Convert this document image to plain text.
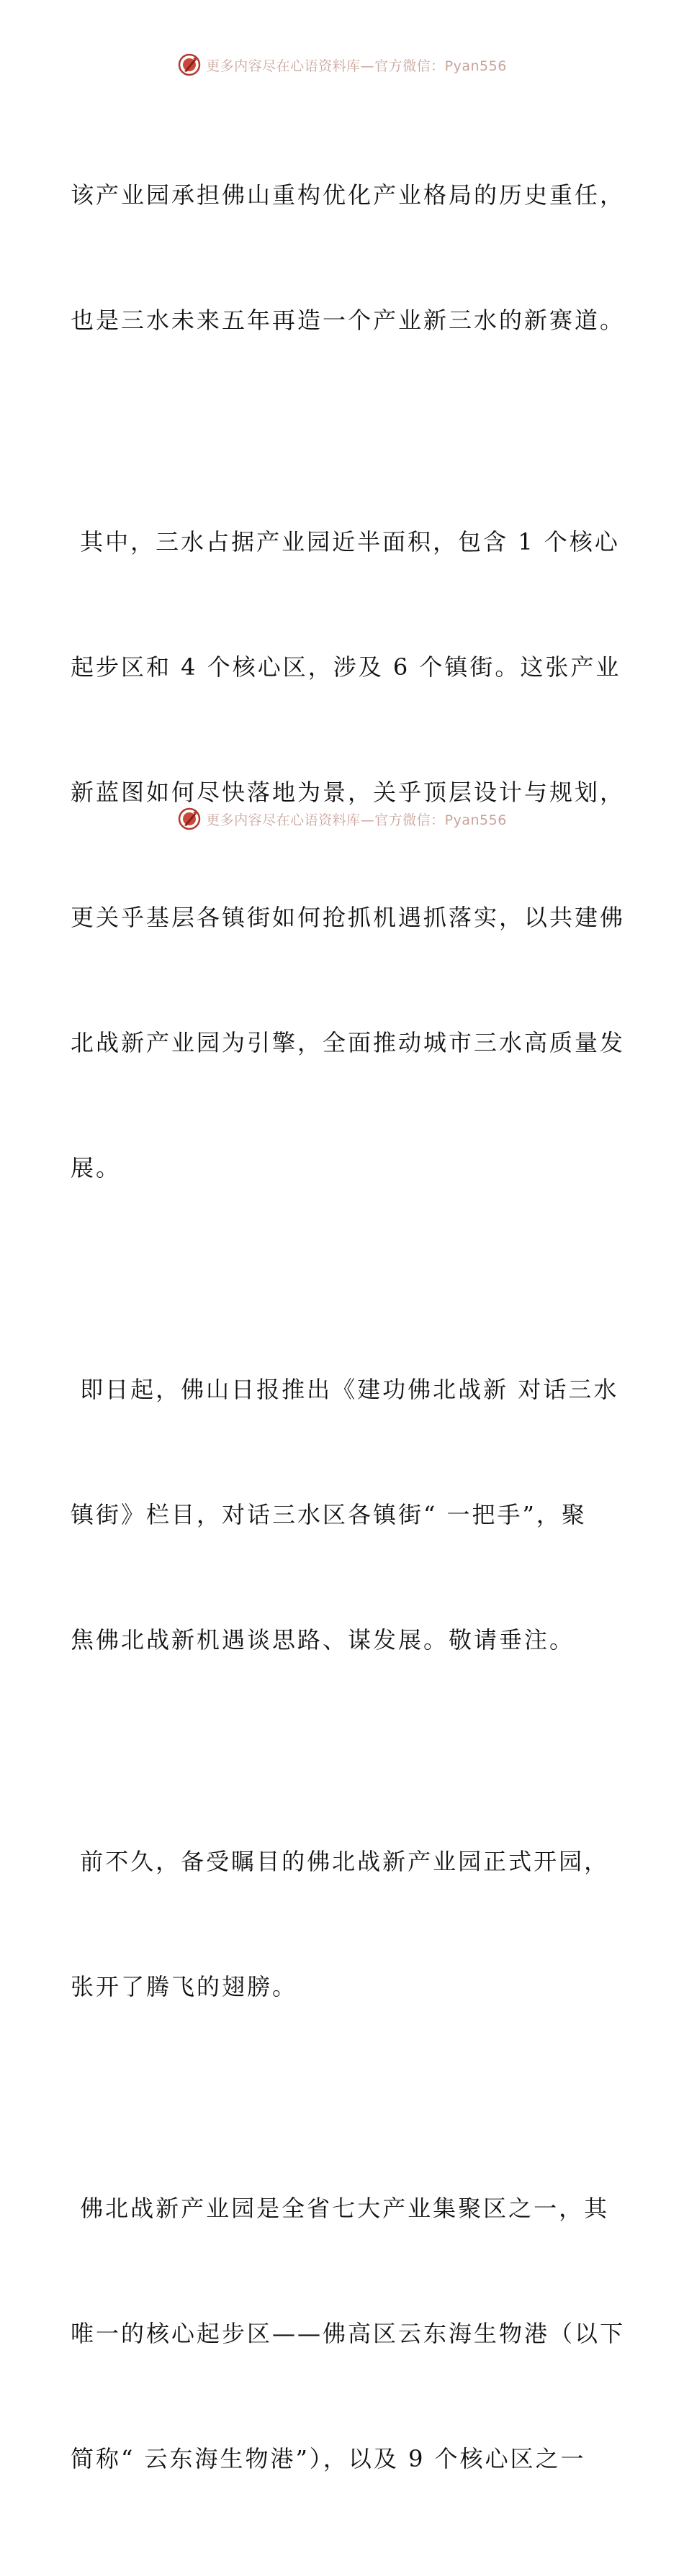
更多内容尽在心语资料库—官方微信：Pyan556

该产业园承担佛山重构优化产业格局的历史重任，

也是三水未来五年再造一个产业新三水的新赛道。

其中，三水占据产业园近半面积，包含 1 个核心

起步区和 4 个核心区，涉及 6 个镇街。这张产业

新蓝图如何尽快落地为景，关乎顶层设计与规划，

更关乎基层各镇街如何抢抓机遇抓落实，以共建佛

北战新产业园为引擎，全面推动城市三水高质量发

展。

即日起，佛山日报推出《建功佛北战新 对话三水

镇街》栏目，对话三水区各镇街“ 一把手”，聚

焦佛北战新机遇谈思路、谋发展。敬请垂注。

前不久，备受瞩目的佛北战新产业园正式开园，

张开了腾飞的翅膀。

佛北战新产业园是全省七大产业集聚区之一，其

唯一的核心起步区——佛高区云东海生物港（以下

简称“ 云东海生物港”），以及 9 个核心区之一

更多内容尽在心语资料库—官方微信：Pyan556
